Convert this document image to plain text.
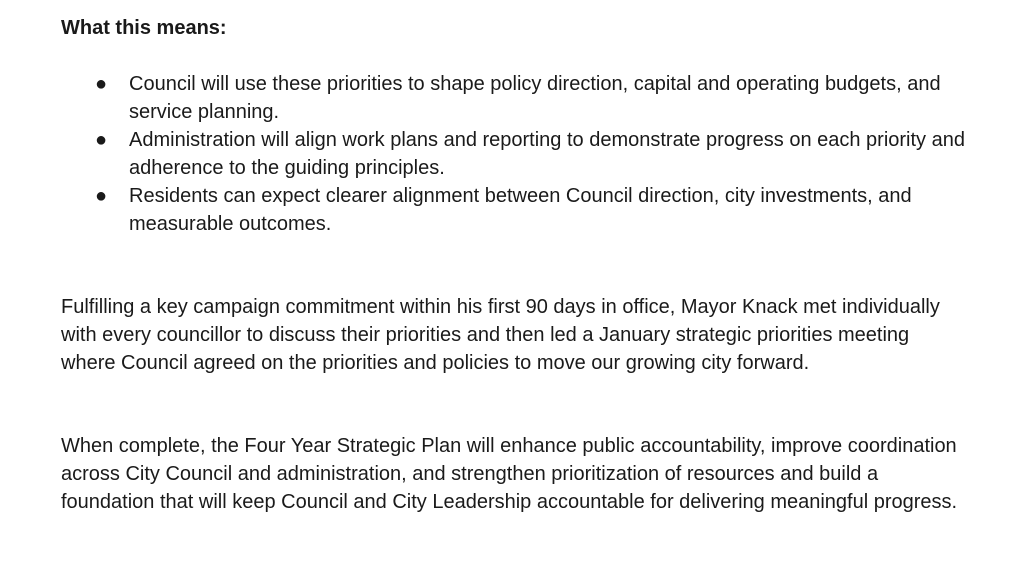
What this means:
● Council will use these priorities to shape policy direction, capital and operating budgets, and service planning.
● Administration will align work plans and reporting to demonstrate progress on each priority and adherence to the guiding principles.
● Residents can expect clearer alignment between Council direction, city investments, and measurable outcomes.

Fulfilling a key campaign commitment within his first 90 days in office, Mayor Knack met individually with every councillor to discuss their priorities and then led a January strategic priorities meeting where Council agreed on the priorities and policies to move our growing city forward.

When complete, the Four Year Strategic Plan will enhance public accountability, improve coordination across City Council and administration, and strengthen prioritization of resources and build a foundation that will keep Council and City Leadership accountable for delivering meaningful progress.
